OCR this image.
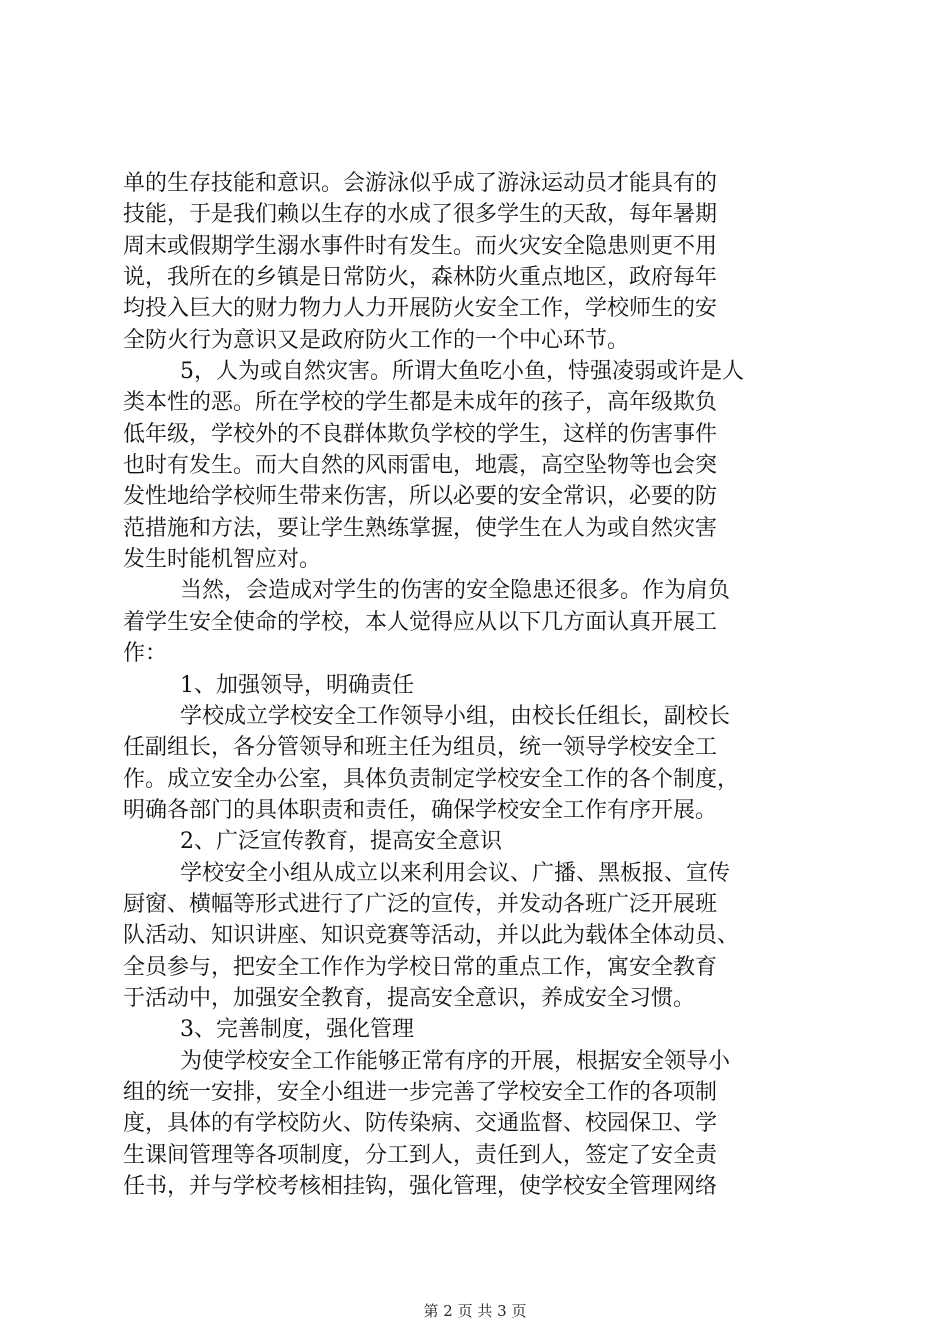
单的生存技能和意识。会游泳似乎成了游泳运动员才能具有的
技能，于是我们赖以生存的水成了很多学生的天敌，每年暑期
周末或假期学生溺水事件时有发生。而火灾安全隐患则更不用
说，我所在的乡镇是日常防火，森林防火重点地区，政府每年
均投入巨大的财力物力人力开展防火安全工作，学校师生的安
全防火行为意识又是政府防火工作的一个中心环节。
5，人为或自然灾害。所谓大鱼吃小鱼，恃强凌弱或许是人
类本性的恶。所在学校的学生都是未成年的孩子，高年级欺负
低年级，学校外的不良群体欺负学校的学生，这样的伤害事件
也时有发生。而大自然的风雨雷电，地震，高空坠物等也会突
发性地给学校师生带来伤害，所以必要的安全常识，必要的防
范措施和方法，要让学生熟练掌握，使学生在人为或自然灾害
发生时能机智应对。
当然，会造成对学生的伤害的安全隐患还很多。作为肩负
着学生安全使命的学校，本人觉得应从以下几方面认真开展工
作：
1、加强领导，明确责任
学校成立学校安全工作领导小组，由校长任组长，副校长
任副组长，各分管领导和班主任为组员，统一领导学校安全工
作。成立安全办公室，具体负责制定学校安全工作的各个制度，
明确各部门的具体职责和责任，确保学校安全工作有序开展。
2、广泛宣传教育，提高安全意识
学校安全小组从成立以来利用会议、广播、黑板报、宣传
厨窗、横幅等形式进行了广泛的宣传，并发动各班广泛开展班
队活动、知识讲座、知识竞赛等活动，并以此为载体全体动员、
全员参与，把安全工作作为学校日常的重点工作，寓安全教育
于活动中，加强安全教育，提高安全意识，养成安全习惯。
3、完善制度，强化管理
为使学校安全工作能够正常有序的开展，根据安全领导小
组的统一安排，安全小组进一步完善了学校安全工作的各项制
度，具体的有学校防火、防传染病、交通监督、校园保卫、学
生课间管理等各项制度，分工到人，责任到人，签定了安全责
任书，并与学校考核相挂钩，强化管理，使学校安全管理网络
第 2 页 共 3 页
